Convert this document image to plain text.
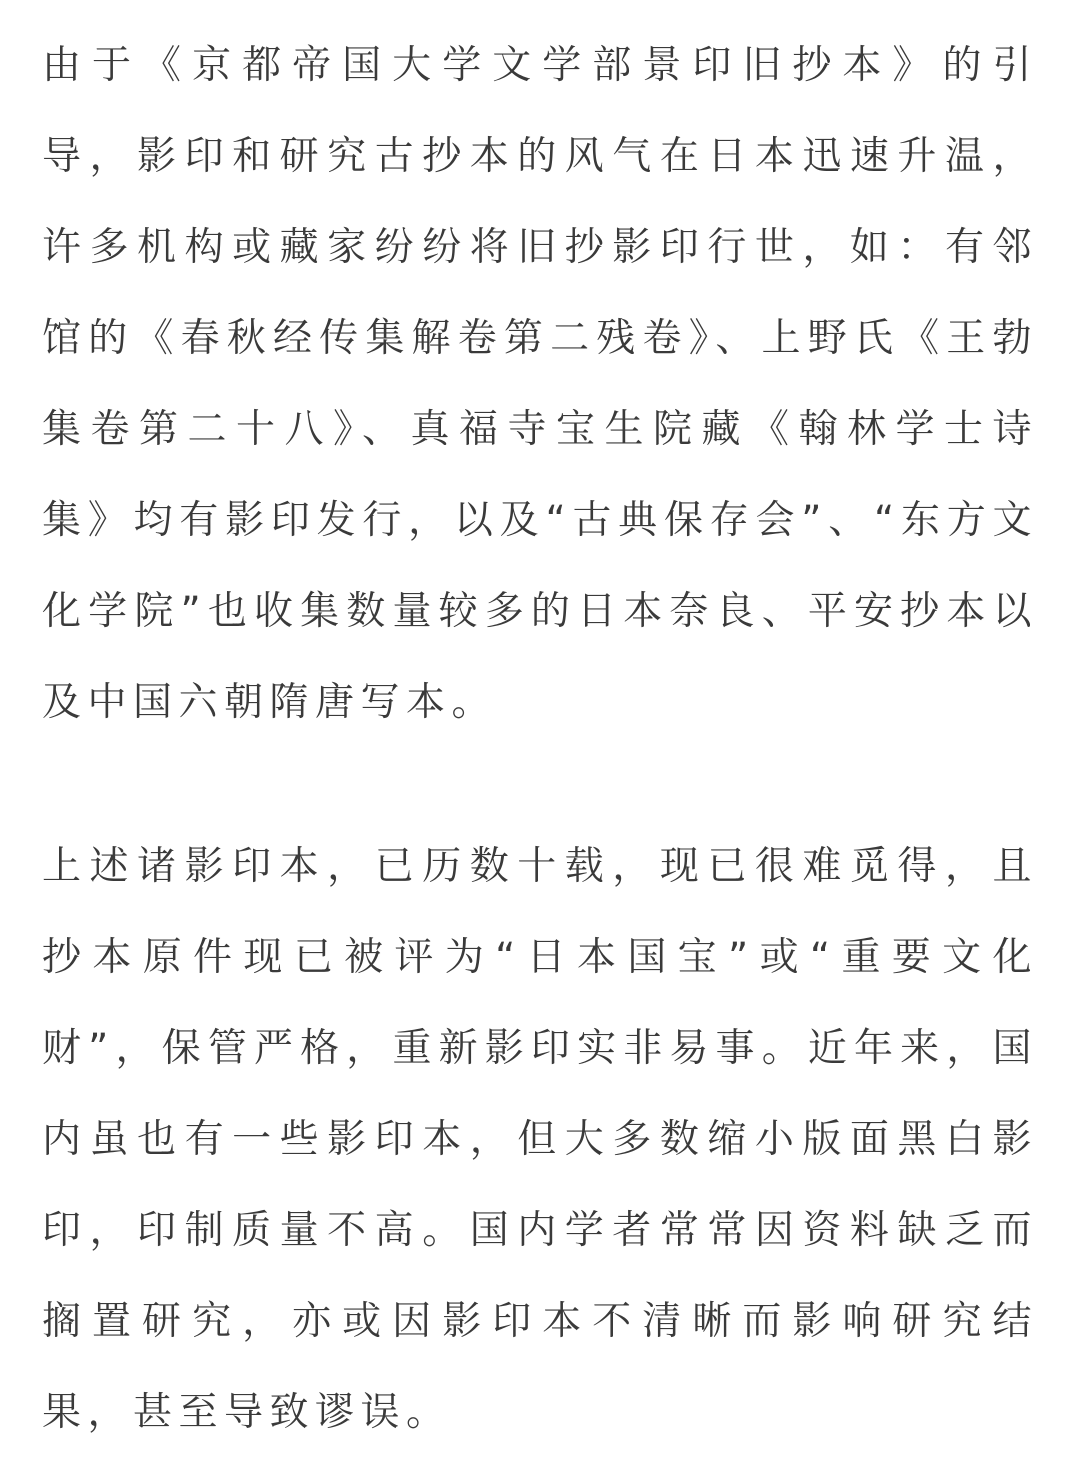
由于《京都帝国大学文学部景印旧抄本》的引导，影印和研究古抄本的风气在日本迅速升温，许多机构或藏家纷纷将旧抄影印行世，如：有邻馆的《春秋经传集解卷第二残卷》、上野氏《王勃集卷第二十八》、真福寺宝生院藏《翰林学士诗集》均有影印发行，以及“古典保存会”、“东方文化学院”也收集数量较多的日本奈良、平安抄本以及中国六朝隋唐写本。

上述诸影印本，已历数十载，现已很难觅得，且抄本原件现已被评为“日本国宝”或“重要文化财”，保管严格，重新影印实非易事。近年来，国内虽也有一些影印本，但大多数缩小版面黑白影印，印制质量不高。国内学者常常因资料缺乏而搁置研究，亦或因影印本不清晰而影响研究结果，甚至导致谬误。
